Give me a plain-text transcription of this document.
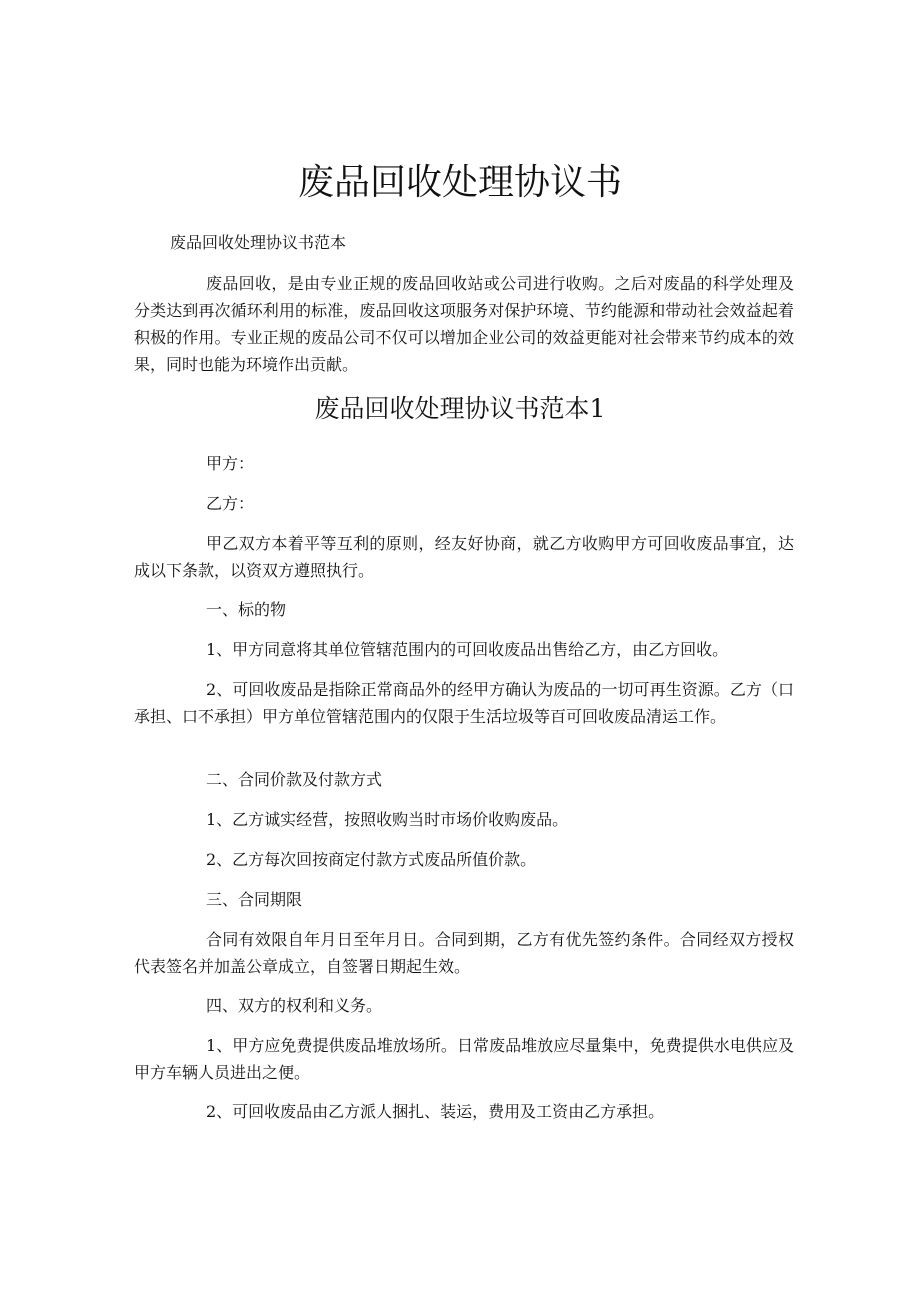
废品回收处理协议书

废品回收处理协议书范本

废品回收，是由专业正规的废品回收站或公司进行收购。之后对废晶的科学处理及分类达到再次循环利用的标准，废品回收这项服务对保护环境、节约能源和带动社会效益起着积极的作用。专业正规的废品公司不仅可以增加企业公司的效益更能对社会带来节约成本的效果，同时也能为环境作出贡献。

废品回收处理协议书范本1

甲方：

乙方：

甲乙双方本着平等互利的原则，经友好协商，就乙方收购甲方可回收废品事宜，达成以下条款，以资双方遵照执行。

一、标的物

1、甲方同意将其单位管辖范围内的可回收废品出售给乙方，由乙方回收。

2、可回收废品是指除正常商品外的经甲方确认为废品的一切可再生资源。乙方（口承担、口不承担）甲方单位管辖范围内的仅限于生活垃圾等百可回收废品清运工作。

二、合同价款及付款方式

1、乙方诚实经营，按照收购当时市场价收购废品。

2、乙方每次回按商定付款方式废品所值价款。

三、合同期限

合同有效限自年月日至年月日。合同到期，乙方有优先签约条件。合同经双方授权代表签名并加盖公章成立，自签署日期起生效。

四、双方的权利和义务。

1、甲方应免费提供废品堆放场所。日常废品堆放应尽量集中，免费提供水电供应及甲方车辆人员进出之便。

2、可回收废品由乙方派人捆扎、装运，费用及工资由乙方承担。
